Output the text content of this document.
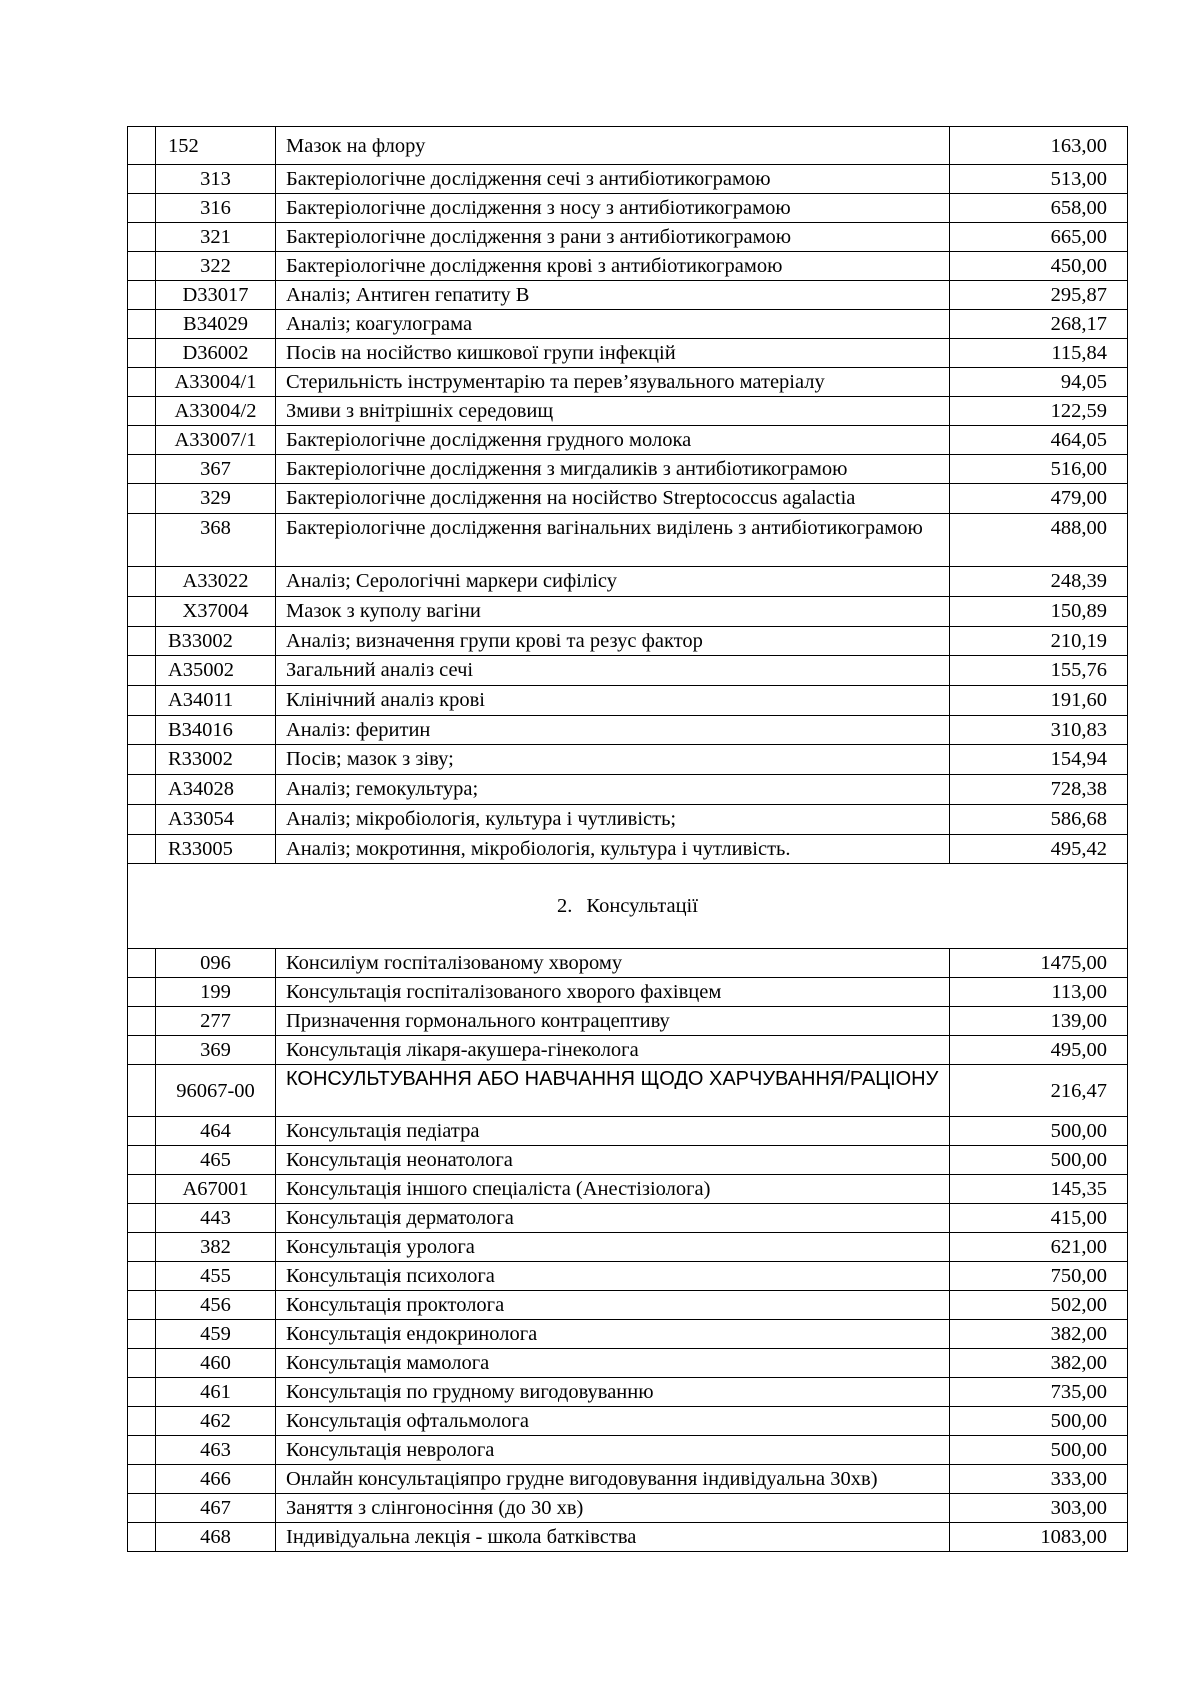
	152	Мазок на флору	163,00
	313	Бактеріологічне дослідження сечі з антибіотикограмою	513,00
	316	Бактеріологічне дослідження з носу з антибіотикограмою	658,00
	321	Бактеріологічне дослідження з рани з антибіотикограмою	665,00
	322	Бактеріологічне дослідження крові з антибіотикограмою	450,00
	D33017	Аналіз; Антиген гепатиту B	295,87
	B34029	Аналіз; коагулограма	268,17
	D36002	Посів на носійство кишкової групи інфекцій	115,84
	A33004/1	Стерильність інструментарію та перев’язувального матеріалу	94,05
	A33004/2	Змиви з внітрішніх середовищ	122,59
	A33007/1	Бактеріологічне дослідження грудного молока	464,05
	367	Бактеріологічне дослідження з мигдаликів з антибіотикограмою	516,00
	329	Бактеріологічне дослідження на носійство Streptococcus agalactia	479,00
	368	Бактеріологічне дослідження вагінальних виділень з антибіотикограмою	488,00
	A33022	Аналіз; Серологічні маркери сифілісу	248,39
	X37004	Мазок з куполу вагіни	150,89
	B33002	Аналіз; визначення групи крові та резус фактор	210,19
	A35002	Загальний аналіз сечі	155,76
	A34011	Клінічний аналіз крові	191,60
	B34016	Аналіз: феритин	310,83
	R33002	Посів; мазок з зіву;	154,94
	A34028	Аналіз; гемокультура;	728,38
	A33054	Аналіз; мікробіологія, культура і чутливість;	586,68
	R33005	Аналіз; мокротиння, мікробіологія, культура і чутливість.	495,42
2. Консультації			
	096	Консиліум госпіталізованому хворому	1475,00
	199	Консультація госпіталізованого хворого фахівцем	113,00
	277	Призначення гормонального контрацептиву	139,00
	369	Консультація лікаря-акушера-гінеколога	495,00
	96067-00	КОНСУЛЬТУВАННЯ АБО НАВЧАННЯ ЩОДО ХАРЧУВАННЯ/РАЦІОНУ	216,47
	464	Консультація педіатра	500,00
	465	Консультація неонатолога	500,00
	A67001	Консультація іншого спеціаліста (Анестізіолога)	145,35
	443	Консультація дерматолога	415,00
	382	Консультація уролога	621,00
	455	Консультація психолога	750,00
	456	Консультація проктолога	502,00
	459	Консультація ендокринолога	382,00
	460	Консультація мамолога	382,00
	461	Консультація по грудному вигодовуванню	735,00
	462	Консультація офтальмолога	500,00
	463	Консультація невролога	500,00
	466	Онлайн консультаціяпро грудне вигодовування індивідуальна 30хв)	333,00
	467	Заняття з слінгоносіння (до 30 хв)	303,00
	468	Індивідуальна лекція - школа батківства	1083,00
